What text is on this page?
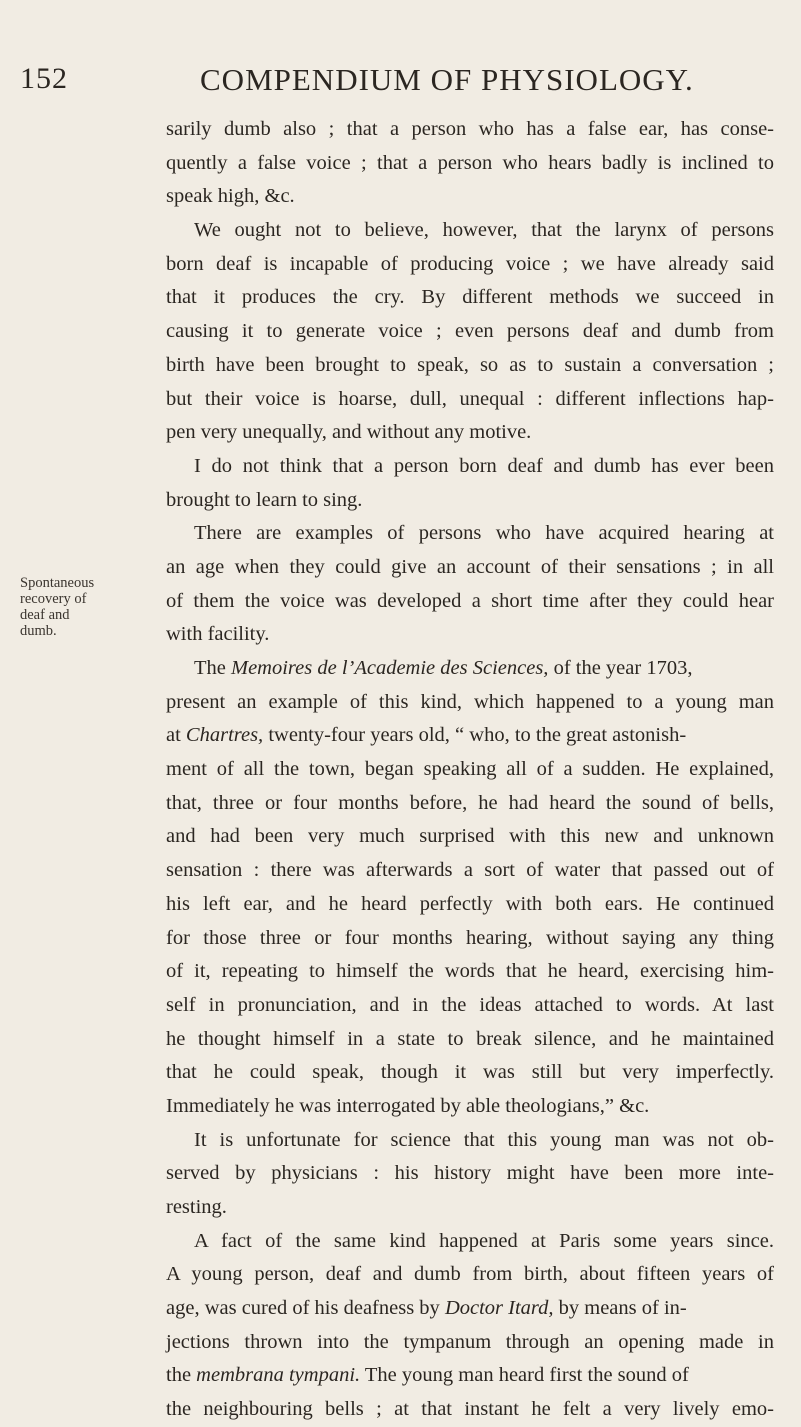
152	COMPENDIUM OF PHYSIOLOGY.
Spontaneous
recovery of
deaf and
dumb.
sarily dumb also ; that a person who has a false ear, has conse-
quently a false voice ; that a person who hears badly is inclined to
speak high, &c.
We ought not to believe, however, that the larynx of persons
born deaf is incapable of producing voice ; we have already said
that it produces the cry. By different methods we succeed in
causing it to generate voice ; even persons deaf and dumb from
birth have been brought to speak, so as to sustain a conversation ;
but their voice is hoarse, dull, unequal : different inflections hap-
pen very unequally, and without any motive.
I do not think that a person born deaf and dumb has ever been
brought to learn to sing.
There are examples of persons who have acquired hearing at
an age when they could give an account of their sensations ; in all
of them the voice was developed a short time after they could hear
with facility.
The Memoires de l’Academie des Sciences, of the year 1703,
present an example of this kind, which happened to a young man
at Chartres, twenty-four years old, “ who, to the great astonish-
ment of all the town, began speaking all of a sudden. He explained,
that, three or four months before, he had heard the sound of bells,
and had been very much surprised with this new and unknown
sensation : there was afterwards a sort of water that passed out of
his left ear, and he heard perfectly with both ears. He continued
for those three or four months hearing, without saying any thing
of it, repeating to himself the words that he heard, exercising him-
self in pronunciation, and in the ideas attached to words. At last
he thought himself in a state to break silence, and he maintained
that he could speak, though it was still but very imperfectly.
Immediately he was interrogated by able theologians,” &c.
It is unfortunate for science that this young man was not ob-
served by physicians : his history might have been more inte-
resting.
A fact of the same kind happened at Paris some years since.
A young person, deaf and dumb from birth, about fifteen years of
age, was cured of his deafness by Doctor Itard, by means of in-
jections thrown into the tympanum through an opening made in
the membrana tympani. The young man heard first the sound of
the neighbouring bells ; at that instant he felt a very lively emo-
